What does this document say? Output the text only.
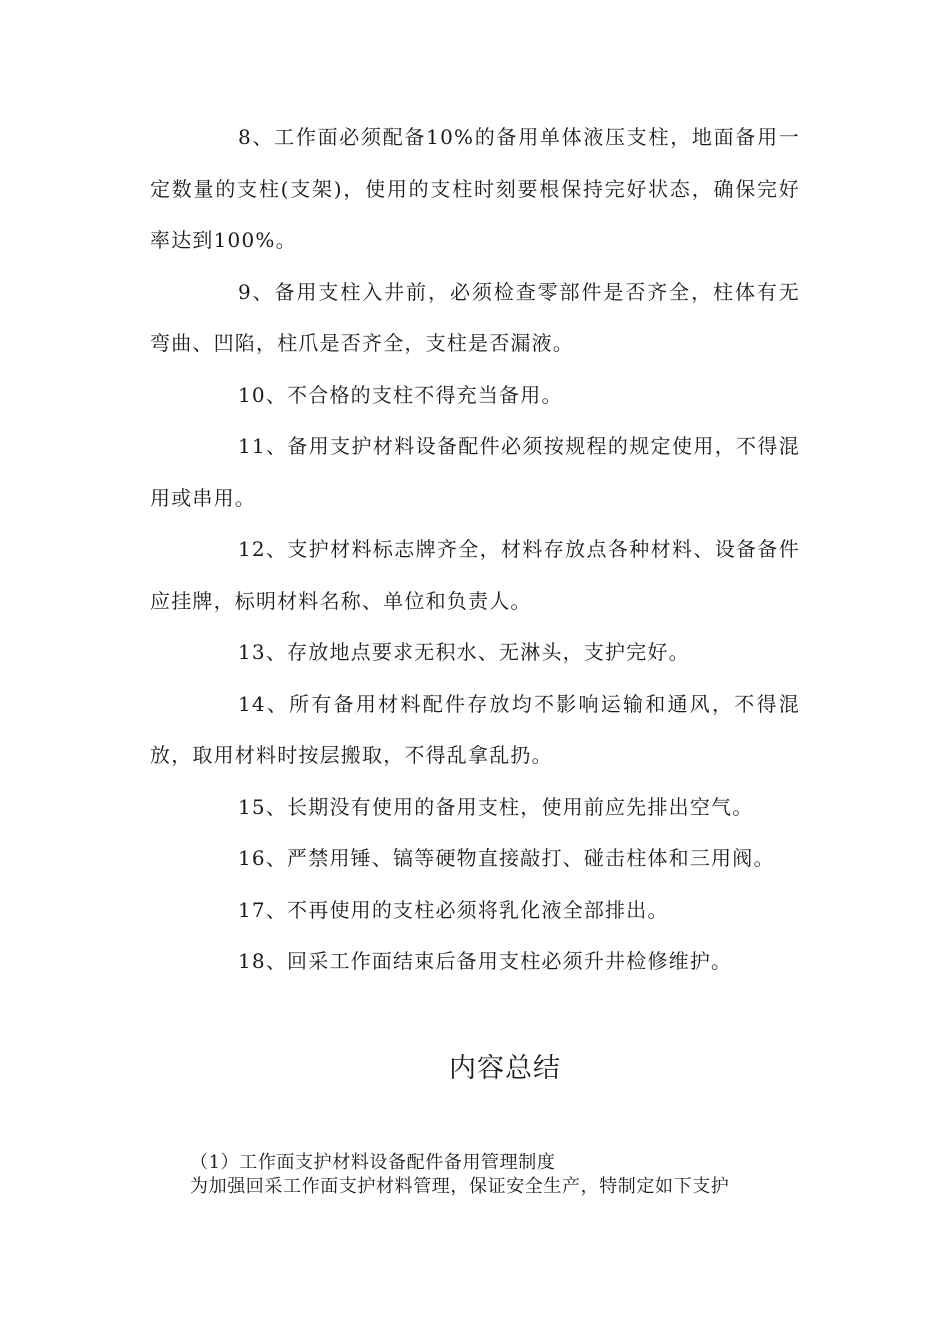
8、工作面必须配备10%的备用单体液压支柱，地面备用一定数量的支柱(支架)，使用的支柱时刻要根保持完好状态，确保完好率达到100%。

9、备用支柱入井前，必须检查零部件是否齐全，柱体有无弯曲、凹陷，柱爪是否齐全，支柱是否漏液。

10、不合格的支柱不得充当备用。

11、备用支护材料设备配件必须按规程的规定使用，不得混用或串用。

12、支护材料标志牌齐全，材料存放点各种材料、设备备件应挂牌，标明材料名称、单位和负责人。

13、存放地点要求无积水、无淋头，支护完好。

14、所有备用材料配件存放均不影响运输和通风，不得混放，取用材料时按层搬取，不得乱拿乱扔。

15、长期没有使用的备用支柱，使用前应先排出空气。

16、严禁用锤、镐等硬物直接敲打、碰击柱体和三用阀。

17、不再使用的支柱必须将乳化液全部排出。

18、回采工作面结束后备用支柱必须升井检修维护。

内容总结

（1）工作面支护材料设备配件备用管理制度

为加强回采工作面支护材料管理，保证安全生产，特制定如下支护
